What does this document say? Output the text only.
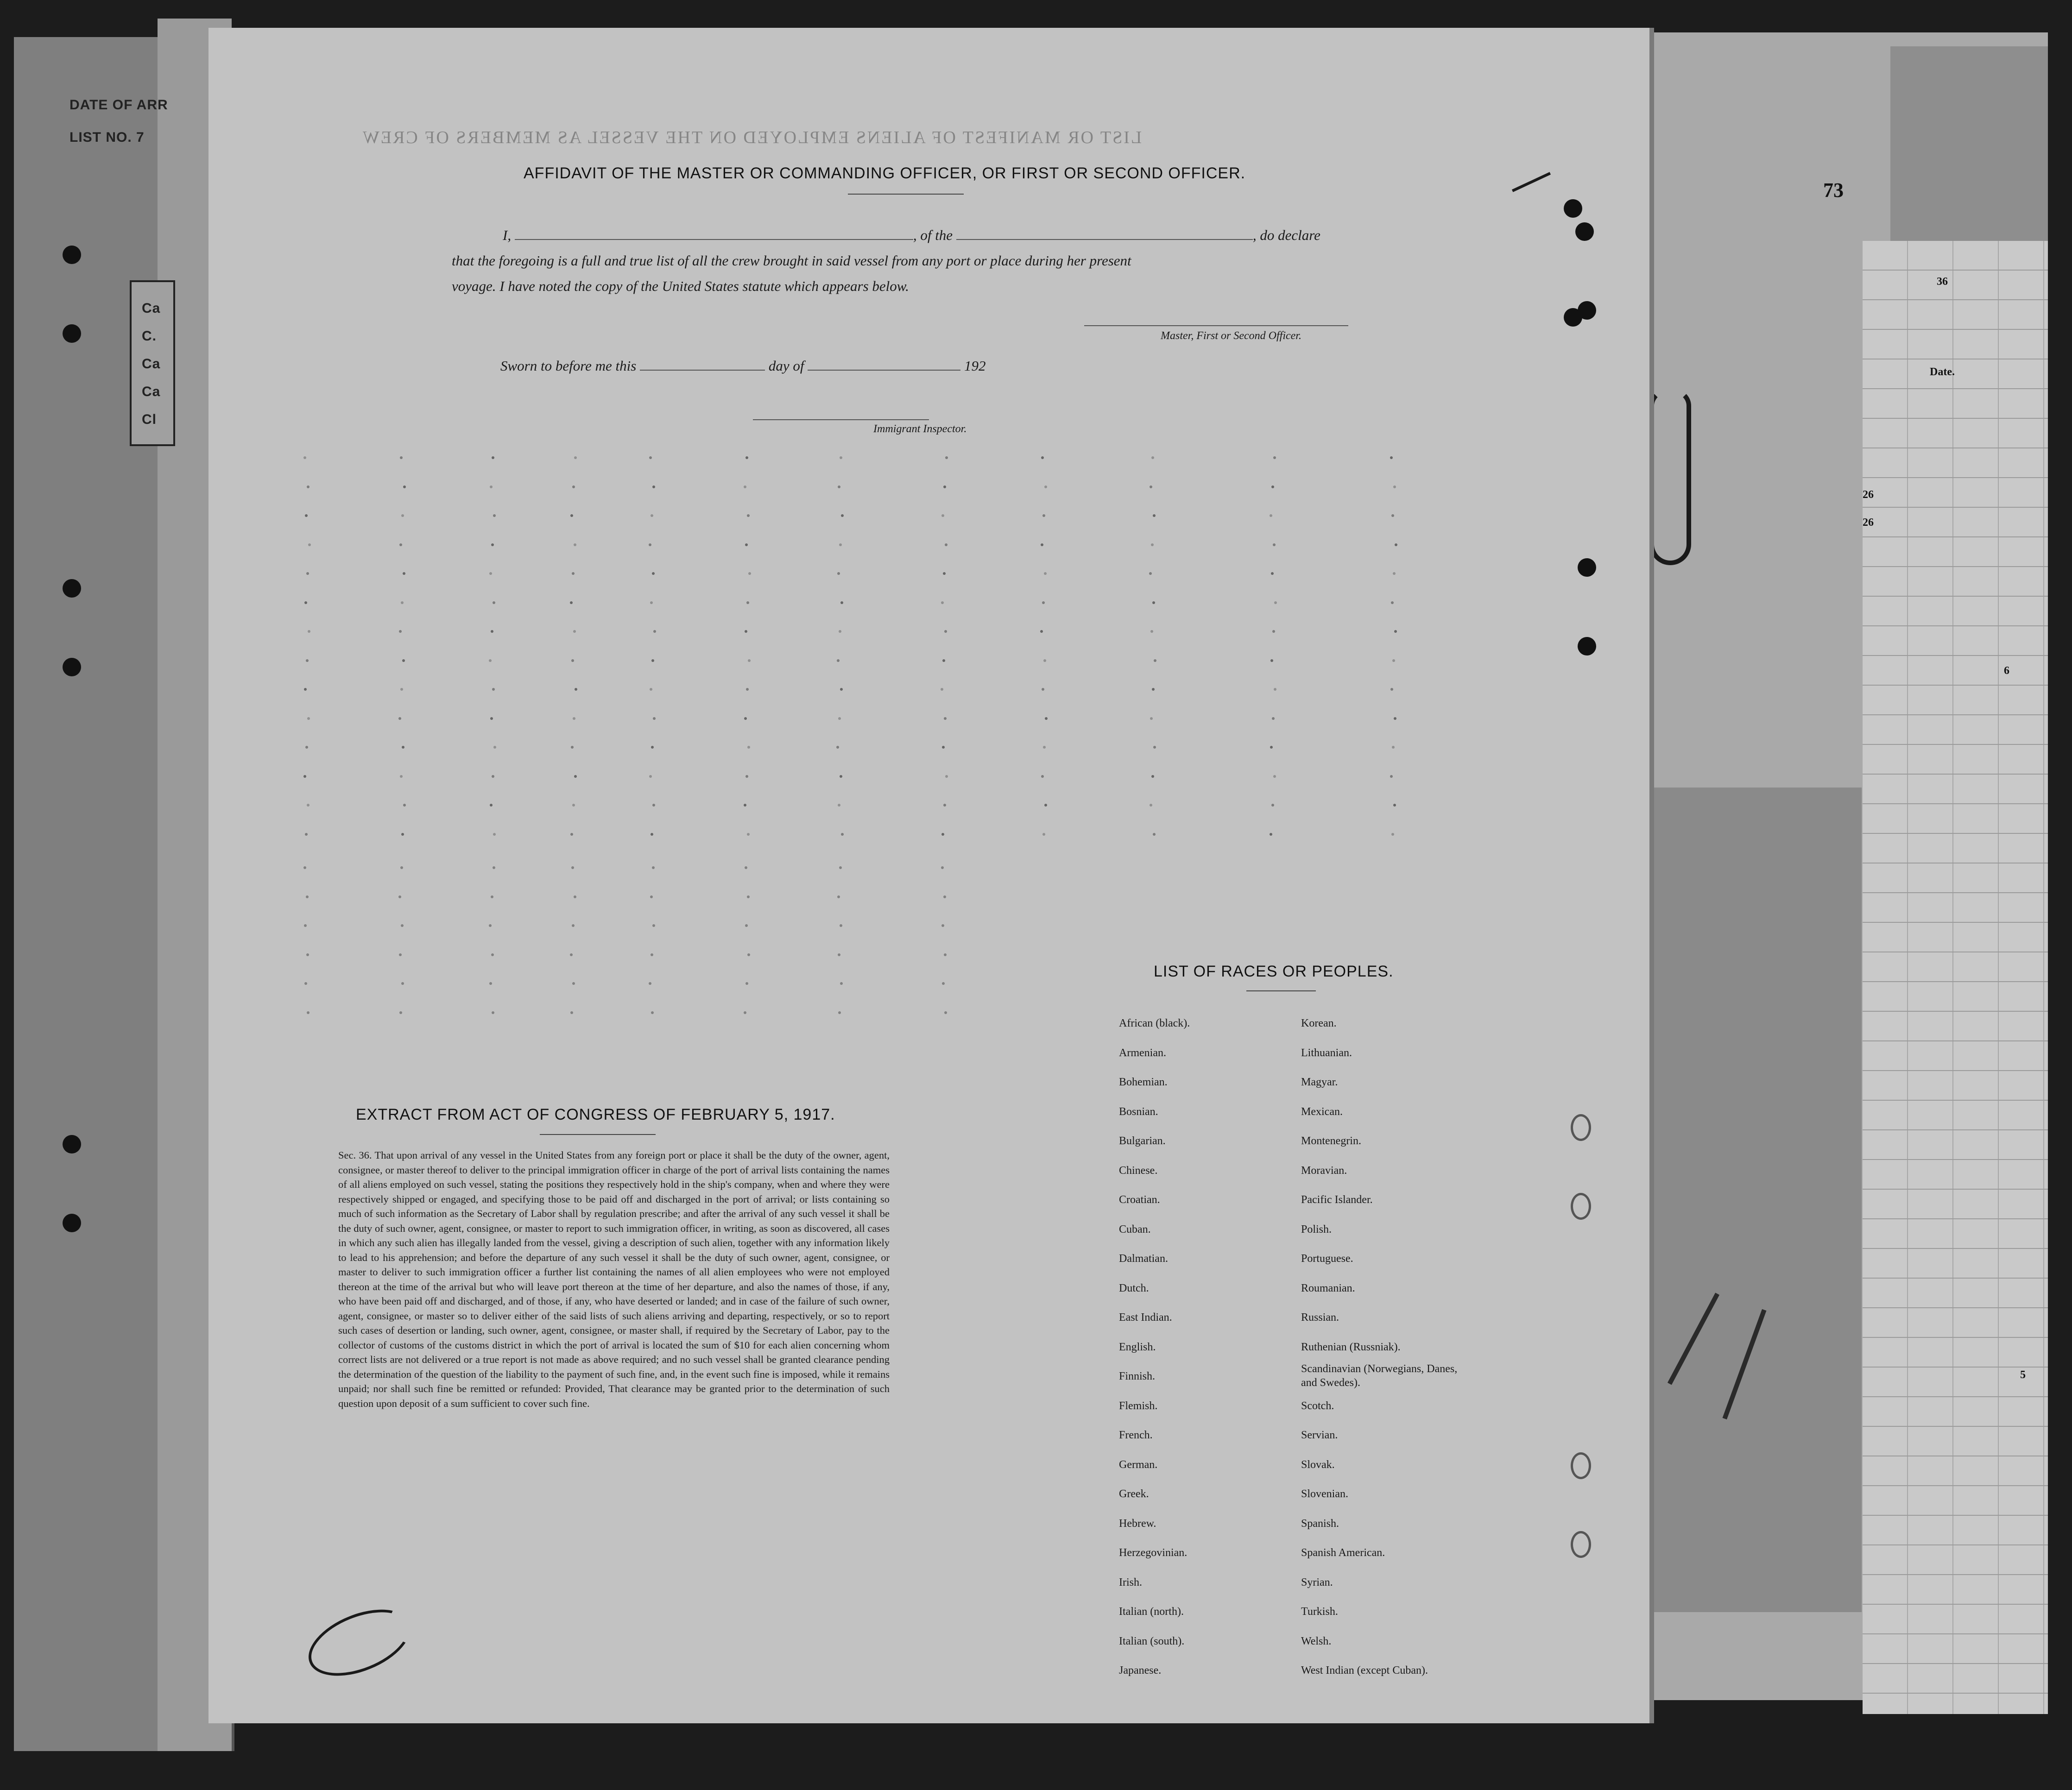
DATE OF ARR
LIST NO. 7
Ca
C.
Ca
Ca
Cl
73
36
Date.
26
26
6
5
LIST OR MANIFEST OF ALIENS EMPLOYED ON THE VESSEL AS MEMBERS OF CREW
AFFIDAVIT OF THE MASTER OR COMMANDING OFFICER, OR FIRST OR SECOND OFFICER.
I,	, of the	, do declare
that the foregoing is a full and true list of all the crew brought in said vessel from any port or place during her present
voyage. I have noted the copy of the United States statute which appears below.
Master, First or Second Officer.
Sworn to before me this	day of	192
Immigrant Inspector.
EXTRACT FROM ACT OF CONGRESS OF FEBRUARY 5, 1917.
Sec. 36. That upon arrival of any vessel in the United States from any foreign port or place it shall be the duty of the owner, agent, consignee, or master thereof to deliver to the principal immigration officer in charge of the port of arrival lists containing the names of all aliens employed on such vessel, stating the positions they respectively hold in the ship's company, when and where they were respectively shipped or engaged, and specifying those to be paid off and discharged in the port of arrival; or lists containing so much of such information as the Secretary of Labor shall by regulation prescribe; and after the arrival of any such vessel it shall be the duty of such owner, agent, consignee, or master to report to such immigration officer, in writing, as soon as discovered, all cases in which any such alien has illegally landed from the vessel, giving a description of such alien, together with any information likely to lead to his apprehension; and before the departure of any such vessel it shall be the duty of such owner, agent, consignee, or master to deliver to such immigration officer a further list containing the names of all alien employees who were not employed thereon at the time of the arrival but who will leave port thereon at the time of her departure, and also the names of those, if any, who have been paid off and discharged, and of those, if any, who have deserted or landed; and in case of the failure of such owner, agent, consignee, or master so to deliver either of the said lists of such aliens arriving and departing, respectively, or so to report such cases of desertion or landing, such owner, agent, consignee, or master shall, if required by the Secretary of Labor, pay to the collector of customs of the customs district in which the port of arrival is located the sum of $10 for each alien concerning whom correct lists are not delivered or a true report is not made as above required; and no such vessel shall be granted clearance pending the determination of the question of the liability to the payment of such fine, and, in the event such fine is imposed, while it remains unpaid; nor shall such fine be remitted or refunded: Provided, That clearance may be granted prior to the determination of such question upon deposit of a sum sufficient to cover such fine.
LIST OF RACES OR PEOPLES.
African (black).
Armenian.
Bohemian.
Bosnian.
Bulgarian.
Chinese.
Croatian.
Cuban.
Dalmatian.
Dutch.
East Indian.
English.
Finnish.
Flemish.
French.
German.
Greek.
Hebrew.
Herzegovinian.
Irish.
Italian (north).
Italian (south).
Japanese.
Korean.
Lithuanian.
Magyar.
Mexican.
Montenegrin.
Moravian.
Pacific Islander.
Polish.
Portuguese.
Roumanian.
Russian.
Ruthenian (Russniak).
Scandinavian (Norwegians, Danes, and Swedes).
Scotch.
Servian.
Slovak.
Slovenian.
Spanish.
Spanish American.
Syrian.
Turkish.
Welsh.
West Indian (except Cuban).
